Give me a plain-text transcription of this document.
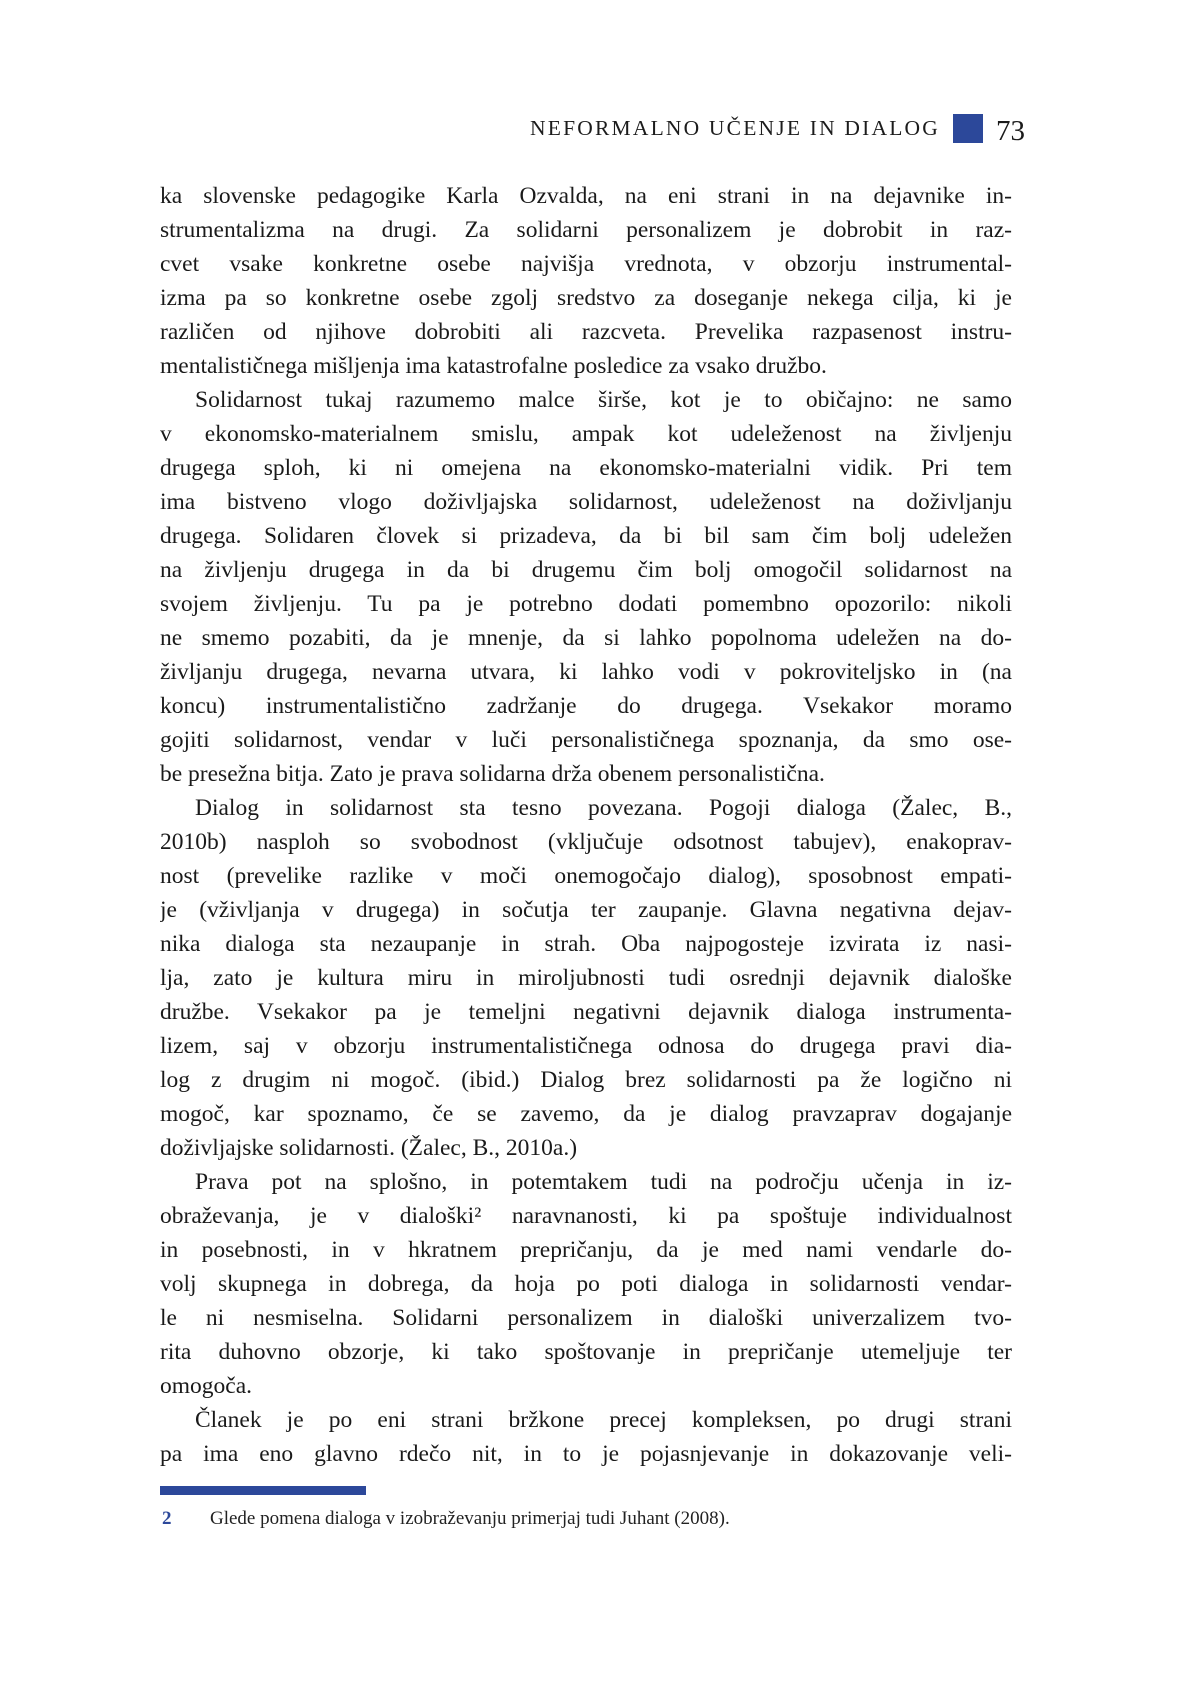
NEFORMALNO UČENJE IN DIALOG 73
ka slovenske pedagogike Karla Ozvalda, na eni strani in na dejavnike in-
strumentalizma na drugi. Za solidarni personalizem je dobrobit in raz-
cvet vsake konkretne osebe najvišja vrednota, v obzorju instrumental-
izma pa so konkretne osebe zgolj sredstvo za doseganje nekega cilja, ki je
različen od njihove dobrobiti ali razcveta. Prevelika razpasenost instru-
mentalističnega mišljenja ima katastrofalne posledice za vsako družbo.
Solidarnost tukaj razumemo malce širše, kot je to običajno: ne samo
v ekonomsko-materialnem smislu, ampak kot udeleženost na življenju
drugega sploh, ki ni omejena na ekonomsko-materialni vidik. Pri tem
ima bistveno vlogo doživljajska solidarnost, udeleženost na doživljanju
drugega. Solidaren človek si prizadeva, da bi bil sam čim bolj udeležen
na življenju drugega in da bi drugemu čim bolj omogočil solidarnost na
svojem življenju. Tu pa je potrebno dodati pomembno opozorilo: nikoli
ne smemo pozabiti, da je mnenje, da si lahko popolnoma udeležen na do-
življanju drugega, nevarna utvara, ki lahko vodi v pokroviteljsko in (na
koncu) instrumentalistično zadržanje do drugega. Vsekakor moramo
gojiti solidarnost, vendar v luči personalističnega spoznanja, da smo ose-
be presežna bitja. Zato je prava solidarna drža obenem personalistična.
Dialog in solidarnost sta tesno povezana. Pogoji dialoga (Žalec, B.,
2010b) nasploh so svobodnost (vključuje odsotnost tabujev), enakoprav-
nost (prevelike razlike v moči onemogočajo dialog), sposobnost empati-
je (vživljanja v drugega) in sočutja ter zaupanje. Glavna negativna dejav-
nika dialoga sta nezaupanje in strah. Oba najpogosteje izvirata iz nasi-
lja, zato je kultura miru in miroljubnosti tudi osrednji dejavnik dialoške
družbe. Vsekakor pa je temeljni negativni dejavnik dialoga instrumenta-
lizem, saj v obzorju instrumentalističnega odnosa do drugega pravi dia-
log z drugim ni mogoč. (ibid.) Dialog brez solidarnosti pa že logično ni
mogoč, kar spoznamo, če se zavemo, da je dialog pravzaprav dogajanje
doživljajske solidarnosti. (Žalec, B., 2010a.)
Prava pot na splošno, in potemtakem tudi na področju učenja in iz-
obraževanja, je v dialoški² naravnanosti, ki pa spoštuje individualnost
in posebnosti, in v hkratnem prepričanju, da je med nami vendarle do-
volj skupnega in dobrega, da hoja po poti dialoga in solidarnosti vendar-
le ni nesmiselna. Solidarni personalizem in dialoški univerzalizem tvo-
rita duhovno obzorje, ki tako spoštovanje in prepričanje utemeljuje ter
omogoča.
Članek je po eni strani bržkone precej kompleksen, po drugi strani
pa ima eno glavno rdečo nit, in to je pojasnjevanje in dokazovanje veli-
2	Glede pomena dialoga v izobraževanju primerjaj tudi Juhant (2008).
